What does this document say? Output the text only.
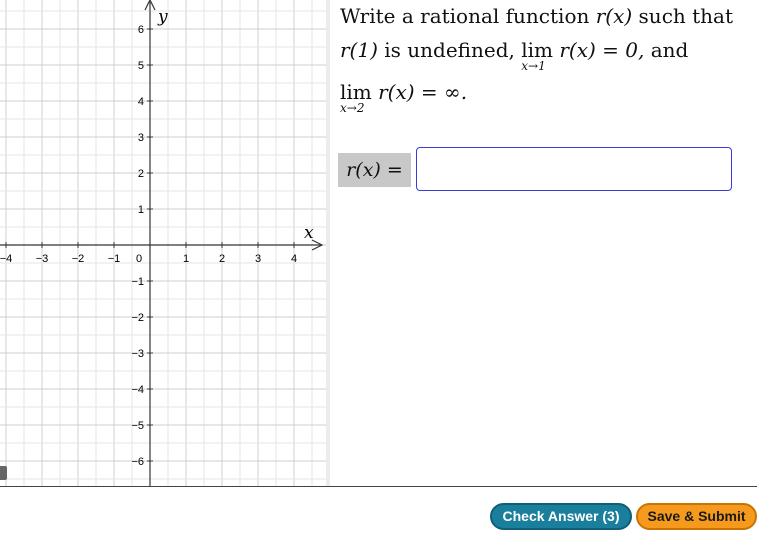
−4 −3 −2 −1 0	1	2	3	4
1
2
3
4
5
6
−1
−2
−3
−4
−5
−6
x
y	Write a rational function r(x) such that
r(1) is undefined, lim
x→1
r(x) = 0, and
lim
x→2
r(x) = ∞.
r(x) =
Check Answer (3)	Save & Submit
